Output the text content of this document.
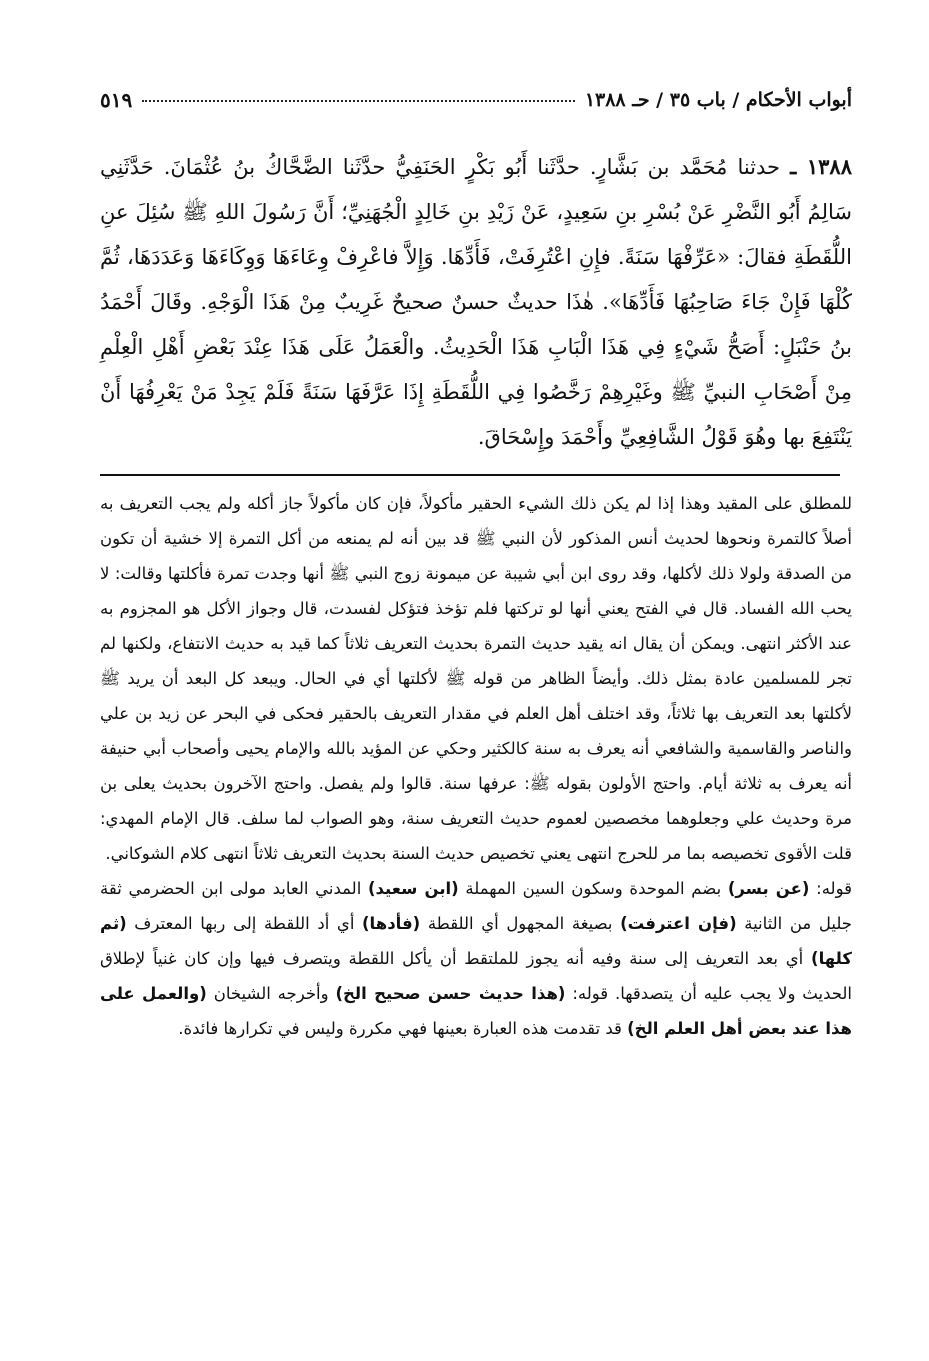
أبواب الأحكام / باب ٣٥ / حـ ١٣٨٨
٥١٩
١٣٨٨ ـ حدثنا مُحَمَّد بن بَشَّارٍ. حدَّثَنا أَبُو بَكْرٍ الحَنَفِيُّ حدَّثَنا الضَّحَّاكُ بنُ عُثْمَانَ. حَدَّثَنِي سَالِمُ أَبُو النَّضْرِ عَنْ بُسْرِ بنِ سَعِيدٍ، عَنْ زَيْدِ بنِ خَالِدٍ الْجُهَنِيِّ؛ أَنَّ رَسُولَ اللهِ ﷺ سُئِلَ عنِ اللُّقَطَةِ فقالَ: «عَرِّفْهَا سَنَةً. فإِنِ اعْتُرِفَتْ، فَأَدِّهَا. وَإِلاَّ فاعْرِفْ وِعَاءَهَا وَوِكَاءَهَا وَعَدَدَهَا، ثُمَّ كُلْهَا فَإِنْ جَاءَ صَاحِبُهَا فَأَدِّهَا». هٰذَا حديثٌ حسنٌ صحيحٌ غَرِيبٌ مِنْ هَذَا الْوَجْهِ. وقَالَ أَحْمَدُ بنُ حَنْبَلٍ: أَصَحُّ شَيْءٍ فِي هَذَا الْبَابِ هَذَا الْحَدِيثُ. والْعَمَلُ عَلَى هَذَا عِنْدَ بَعْضِ أَهْلِ الْعِلْمِ مِنْ أَصْحَابِ النبيِّ ﷺ وغَيْرِهِمْ رَخَّصُوا فِي اللُّقَطَةِ إِذَا عَرَّفَهَا سَنَةً فَلَمْ يَجِدْ مَنْ يَعْرِفُهَا أَنْ يَنْتَفِعَ بها وهُوَ قَوْلُ الشَّافِعِيِّ وأَحْمَدَ وإِسْحَاقَ.

للمطلق على المقيد وهذا إذا لم يكن ذلك الشيء الحقير مأكولاً، فإن كان مأكولاً جاز أكله ولم يجب التعريف به أصلاً كالتمرة ونحوها لحديث أنس المذكور لأن النبي ﷺ قد بين أنه لم يمنعه من أكل التمرة إلا خشية أن تكون من الصدقة ولولا ذلك لأكلها، وقد روى ابن أبي شيبة عن ميمونة زوج النبي ﷺ أنها وجدت تمرة فأكلتها وقالت: لا يحب الله الفساد. قال في الفتح يعني أنها لو تركتها فلم تؤخذ فتؤكل لفسدت، قال وجواز الأكل هو المجزوم به عند الأكثر انتهى. ويمكن أن يقال انه يقيد حديث التمرة بحديث التعريف ثلاثاً كما قيد به حديث الانتفاع، ولكنها لم تجر للمسلمين عادة بمثل ذلك. وأيضاً الظاهر من قوله ﷺ لأكلتها أي في الحال. ويبعد كل البعد أن يريد ﷺ لأكلتها بعد التعريف بها ثلاثاً، وقد اختلف أهل العلم في مقدار التعريف بالحقير فحكى في البحر عن زيد بن علي والناصر والقاسمية والشافعي أنه يعرف به سنة كالكثير وحكي عن المؤيد بالله والإمام يحيى وأصحاب أبي حنيفة أنه يعرف به ثلاثة أيام. واحتج الأولون بقوله ﷺ: عرفها سنة. قالوا ولم يفصل. واحتج الآخرون بحديث يعلى بن مرة وحديث علي وجعلوهما مخصصين لعموم حديث التعريف سنة، وهو الصواب لما سلف. قال الإمام المهدي: قلت الأقوى تخصيصه بما مر للحرج انتهى يعني تخصيص حديث السنة بحديث التعريف ثلاثاً انتهى كلام الشوكاني.

قوله: (عن بسر) بضم الموحدة وسكون السين المهملة (ابن سعيد) المدني العابد مولى ابن الحضرمي ثقة جليل من الثانية (فإن اعترفت) بصيغة المجهول أي اللقطة (فأدها) أي أد اللقطة إلى ربها المعترف (ثم كلها) أي بعد التعريف إلى سنة وفيه أنه يجوز للملتقط أن يأكل اللقطة ويتصرف فيها وإن كان غنياً لإطلاق الحديث ولا يجب عليه أن يتصدقها. قوله: (هذا حديث حسن صحيح الخ) وأخرجه الشيخان (والعمل على هذا عند بعض أهل العلم الخ) قد تقدمت هذه العبارة بعينها فهي مكررة وليس في تكرارها فائدة.
